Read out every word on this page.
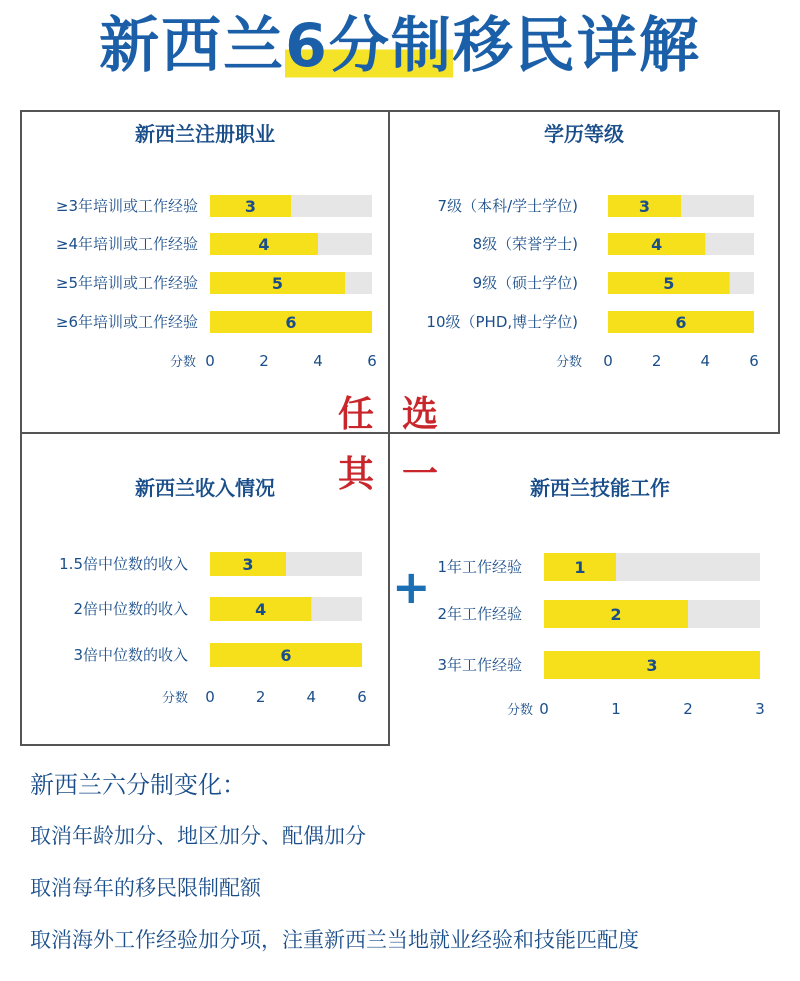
新西兰6分制移民详解
新西兰注册职业	学历等级
新西兰收入情况	新西兰技能工作
任 选
其 一
+
3
≥3年培训或工作经验
4
≥4年培训或工作经验
5
≥5年培训或工作经验
6
≥6年培训或工作经验
0	2	4	6
分数
3
7级（本科/学士学位)
4
8级（荣誉学士)
5
9级（硕士学位)
6
10级（PHD,博士学位)
0	2	4	6
分数
3
1.5倍中位数的收入
4
2倍中位数的收入
6
3倍中位数的收入
0	2	4	6
分数
1
1年工作经验
2
2年工作经验
3
3年工作经验
0	1	2	3
分数
新西兰六分制变化：
取消年龄加分、地区加分、配偶加分
取消每年的移民限制配额
取消海外工作经验加分项，注重新西兰当地就业经验和技能匹配度
